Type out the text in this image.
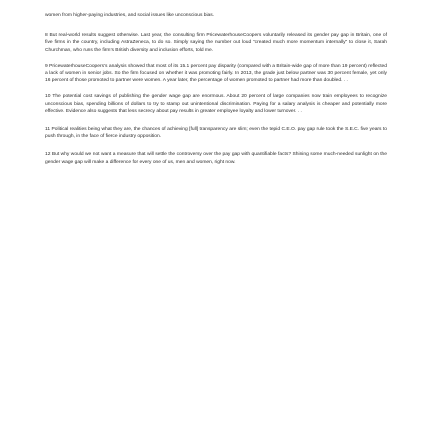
women from higher-paying industries, and social issues like unconscious bias.

8 But real-world results suggest otherwise. Last year, the consulting firm PricewaterhouseCoopers voluntarily released its gender pay gap in Britain, one of five firms in the country, including AstraZeneca, to do so. Simply saying the number out loud “created much more momentum internally” to close it, Sarah Churchman, who runs the firm’s British diversity and inclusion efforts, told me.

9 PricewaterhouseCoopers’s analysis showed that most of its 15.1 percent pay disparity (compared with a Britain-wide gap of more than 19 percent) reflected a lack of women in senior jobs. So the firm focused on whether it was promoting fairly. In 2013, the grade just below partner was 30 percent female, yet only 16 percent of those promoted to partner were women. A year later, the percentage of women promoted to partner had more than doubled. . .

10 The potential cost savings of publishing the gender wage gap are enormous. About 20 percent of large companies now train employees to recognize unconscious bias, spending billions of dollars to try to stamp out unintentional discrimination. Paying for a salary analysis is cheaper and potentially more effective. Evidence also suggests that less secrecy about pay results in greater employee loyalty and lower turnover. . .

11 Political realities being what they are, the chances of achieving [full] transparency are slim; even the tepid C.E.O. pay gap rule took the S.E.C. five years to push through, in the face of fierce industry opposition.

12 But why would we not want a measure that will settle the controversy over the pay gap with quantifiable facts? Shining some much-needed sunlight on the gender wage gap will make a difference for every one of us, men and women, right now.
